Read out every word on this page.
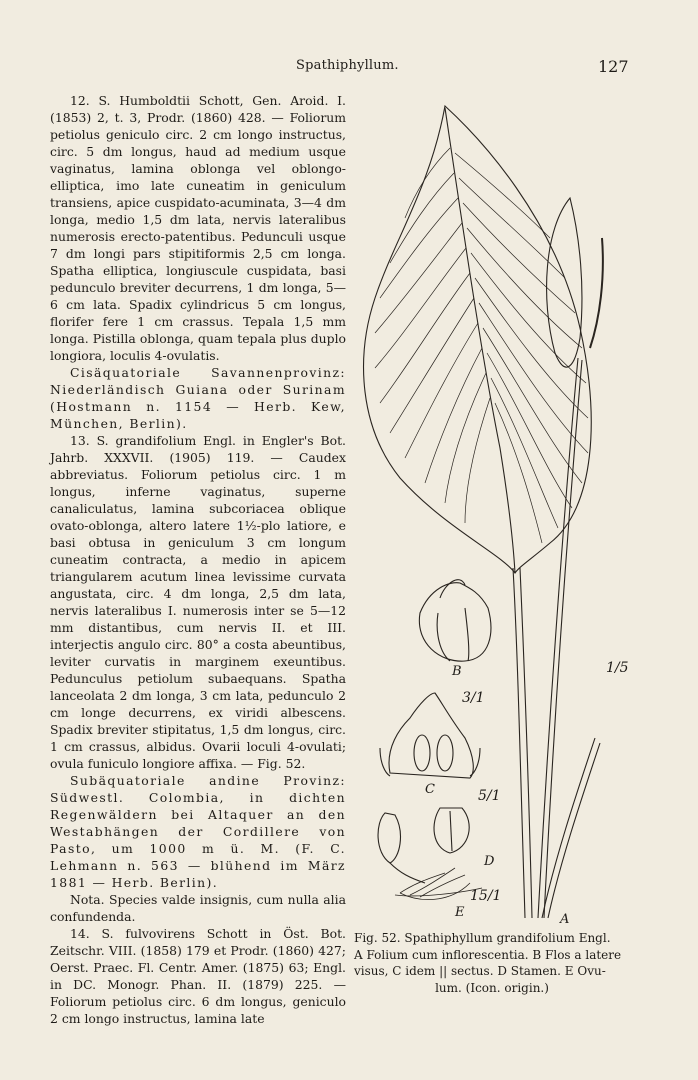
Spathiphyllum.	127

12. S. Humboldtii Schott, Gen. Aroid. I. (1853) 2, t. 3, Prodr. (1860) 428. — Foliorum petiolus geniculo circ. 2 cm longo instructus, circ. 5 dm longus, haud ad medium usque vaginatus, lamina oblonga vel oblongo-elliptica, imo late cuneatim in geniculum transiens, apice cuspidato-acuminata, 3—4 dm longa, medio 1,5 dm lata, nervis lateralibus numerosis erecto-patentibus. Pedunculi usque 7 dm longi pars stipitiformis 2,5 cm longa. Spatha elliptica, longiuscule cuspidata, basi pedunculo breviter decurrens, 1 dm longa, 5—6 cm lata. Spadix cylindricus 5 cm longus, florifer fere 1 cm crassus. Tepala 1,5 mm longa. Pistilla oblonga, quam tepala plus duplo longiora, loculis 4-ovulatis.

Cisäquatoriale Savannenprovinz: Niederländisch Guiana oder Surinam (Hostmann n. 1154 — Herb. Kew, München, Berlin).

13. S. grandifolium Engl. in Engler's Bot. Jahrb. XXXVII. (1905) 119. — Caudex abbreviatus. Foliorum petiolus circ. 1 m longus, inferne vaginatus, superne canaliculatus, lamina subcoriacea oblique ovato-oblonga, altero latere 1½-plo latiore, e basi obtusa in geniculum 3 cm longum cuneatim contracta, a medio in apicem triangularem acutum linea levissime curvata angustata, circ. 4 dm longa, 2,5 dm lata, nervis lateralibus I. numerosis inter se 5—12 mm distantibus, cum nervis II. et III. interjectis angulo circ. 80° a costa abeuntibus, leviter curvatis in marginem exeuntibus. Pedunculus petiolum subaequans. Spatha lanceolata 2 dm longa, 3 cm lata, pedunculo 2 cm longe decurrens, ex viridi albescens. Spadix breviter stipitatus, 1,5 dm longus, circ. 1 cm crassus, albidus. Ovarii loculi 4-ovulati; ovula funiculo longiore affixa. — Fig. 52.

Subäquatoriale andine Provinz: Südwestl. Colombia, in dichten Regenwäldern bei Altaquer an den Westabhängen der Cordillere von Pasto, um 1000 m ü. M. (F. C. Lehmann n. 563 — blühend im März 1881 — Herb. Berlin).

Nota. Species valde insignis, cum nulla alia confundenda.

14. S. fulvovirens Schott in Öst. Bot. Zeitschr. VIII. (1858) 179 et Prodr. (1860) 427; Oerst. Praec. Fl. Centr. Amer. (1875) 63; Engl. in DC. Monogr. Phan. II. (1879) 225. — Foliorum petiolus circ. 6 dm longus, geniculo 2 cm longo instructus, lamina late

B
C
D
E	A
1/5
3/1
5/1
15/1
Fig. 52. Spathiphyllum grandifolium Engl.
A Folium cum inflorescentia. B Flos a latere
visus, C idem || sectus. D Stamen. E Ovu-

lum. (Icon. origin.)
